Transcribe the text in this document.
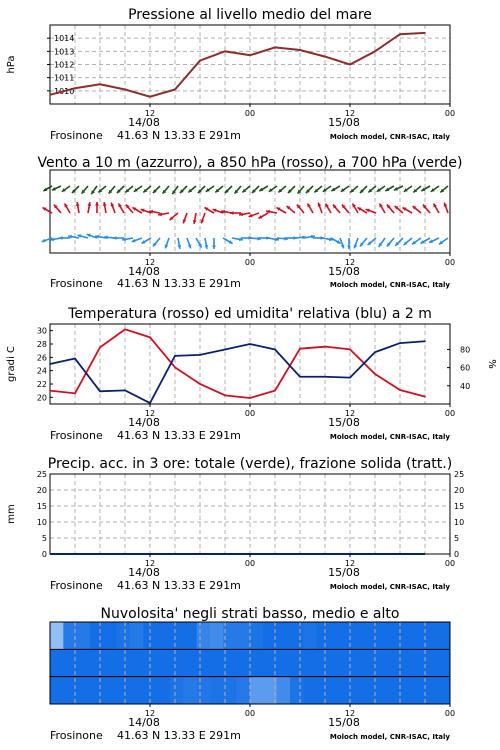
Pressione al livello medio del mare
1010
1011
1012
1013
1014
hPa
12	00	12	00
14/08	15/08
Frosinone 41.63 N 13.33 E 291m	Moloch model, CNR-ISAC, Italy
Vento a 10 m (azzurro), a 850 hPa (rosso), a 700 hPa (verde)
12	00	12	00
14/08	15/08
Frosinone 41.63 N 13.33 E 291m	Moloch model, CNR-ISAC, Italy
Temperatura (rosso) ed umidita' relativa (blu) a 2 m
20
22
24
26
28
30
40
60
80
gradi C	%
12	00	12	00
14/08	15/08
Frosinone 41.63 N 13.33 E 291m	Moloch model, CNR-ISAC, Italy
Precip. acc. in 3 ore: totale (verde), frazione solida (tratt.)
0	0
5	5
10	10
15	15
20	20
25	25
mm
12	00	12	00
14/08	15/08
Frosinone 41.63 N 13.33 E 291m	Moloch model, CNR-ISAC, Italy
Nuvolosita' negli strati basso, medio e alto
12	00	12	00
14/08	15/08
Frosinone 41.63 N 13.33 E 291m	Moloch model, CNR-ISAC, Italy
